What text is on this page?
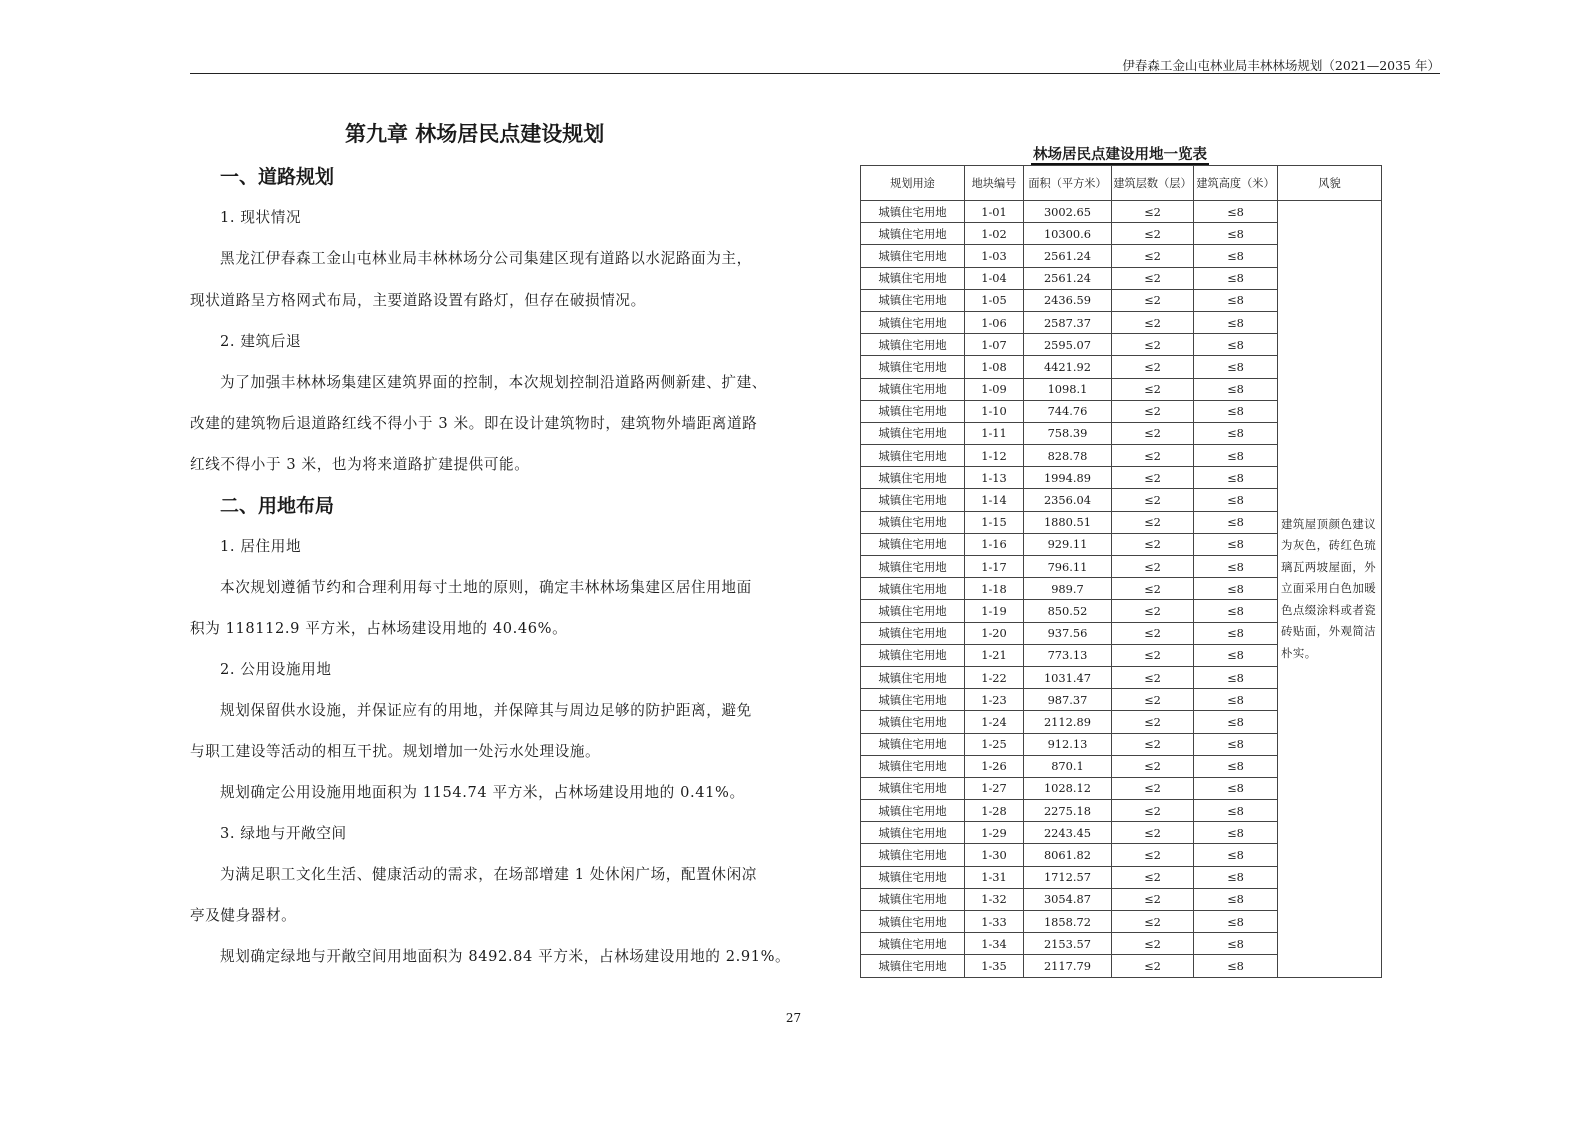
伊春森工金山屯林业局丰林林场规划（2021—2035 年）
第九章 林场居民点建设规划
一、道路规划
1. 现状情况
黑龙江伊春森工金山屯林业局丰林林场分公司集建区现有道路以水泥路面为主，
现状道路呈方格网式布局，主要道路设置有路灯，但存在破损情况。
2. 建筑后退
为了加强丰林林场集建区建筑界面的控制，本次规划控制沿道路两侧新建、扩建、
改建的建筑物后退道路红线不得小于 3 米。即在设计建筑物时，建筑物外墙距离道路
红线不得小于 3 米，也为将来道路扩建提供可能。
二、用地布局
1. 居住用地
本次规划遵循节约和合理利用每寸土地的原则，确定丰林林场集建区居住用地面
积为 118112.9 平方米，占林场建设用地的 40.46%。
2. 公用设施用地
规划保留供水设施，并保证应有的用地，并保障其与周边足够的防护距离，避免
与职工建设等活动的相互干扰。规划增加一处污水处理设施。
规划确定公用设施用地面积为 1154.74 平方米，占林场建设用地的 0.41%。
3. 绿地与开敞空间
为满足职工文化生活、健康活动的需求，在场部增建 1 处休闲广场，配置休闲凉
亭及健身器材。
规划确定绿地与开敞空间用地面积为 8492.84 平方米，占林场建设用地的 2.91%。
林场居民点建设用地一览表
规划用途	地块编号	面积（平方米）	建筑层数（层）	建筑高度（米）	风貌
城镇住宅用地	1-01	3002.65	≤2	≤8	建筑屋顶颜色建议为灰色，砖红色琉璃瓦两坡屋面，外立面采用白色加暖色点缀涂料或者瓷砖贴面，外观简洁朴实。
城镇住宅用地	1-02	10300.6	≤2	≤8	
城镇住宅用地	1-03	2561.24	≤2	≤8	
城镇住宅用地	1-04	2561.24	≤2	≤8	
城镇住宅用地	1-05	2436.59	≤2	≤8	
城镇住宅用地	1-06	2587.37	≤2	≤8	
城镇住宅用地	1-07	2595.07	≤2	≤8	
城镇住宅用地	1-08	4421.92	≤2	≤8	
城镇住宅用地	1-09	1098.1	≤2	≤8	
城镇住宅用地	1-10	744.76	≤2	≤8	
城镇住宅用地	1-11	758.39	≤2	≤8	
城镇住宅用地	1-12	828.78	≤2	≤8	
城镇住宅用地	1-13	1994.89	≤2	≤8	
城镇住宅用地	1-14	2356.04	≤2	≤8	
城镇住宅用地	1-15	1880.51	≤2	≤8	
城镇住宅用地	1-16	929.11	≤2	≤8	
城镇住宅用地	1-17	796.11	≤2	≤8	
城镇住宅用地	1-18	989.7	≤2	≤8	
城镇住宅用地	1-19	850.52	≤2	≤8	
城镇住宅用地	1-20	937.56	≤2	≤8	
城镇住宅用地	1-21	773.13	≤2	≤8	
城镇住宅用地	1-22	1031.47	≤2	≤8	
城镇住宅用地	1-23	987.37	≤2	≤8	
城镇住宅用地	1-24	2112.89	≤2	≤8	
城镇住宅用地	1-25	912.13	≤2	≤8	
城镇住宅用地	1-26	870.1	≤2	≤8	
城镇住宅用地	1-27	1028.12	≤2	≤8	
城镇住宅用地	1-28	2275.18	≤2	≤8	
城镇住宅用地	1-29	2243.45	≤2	≤8	
城镇住宅用地	1-30	8061.82	≤2	≤8	
城镇住宅用地	1-31	1712.57	≤2	≤8	
城镇住宅用地	1-32	3054.87	≤2	≤8	
城镇住宅用地	1-33	1858.72	≤2	≤8	
城镇住宅用地	1-34	2153.57	≤2	≤8	
城镇住宅用地	1-35	2117.79	≤2	≤8	
27
